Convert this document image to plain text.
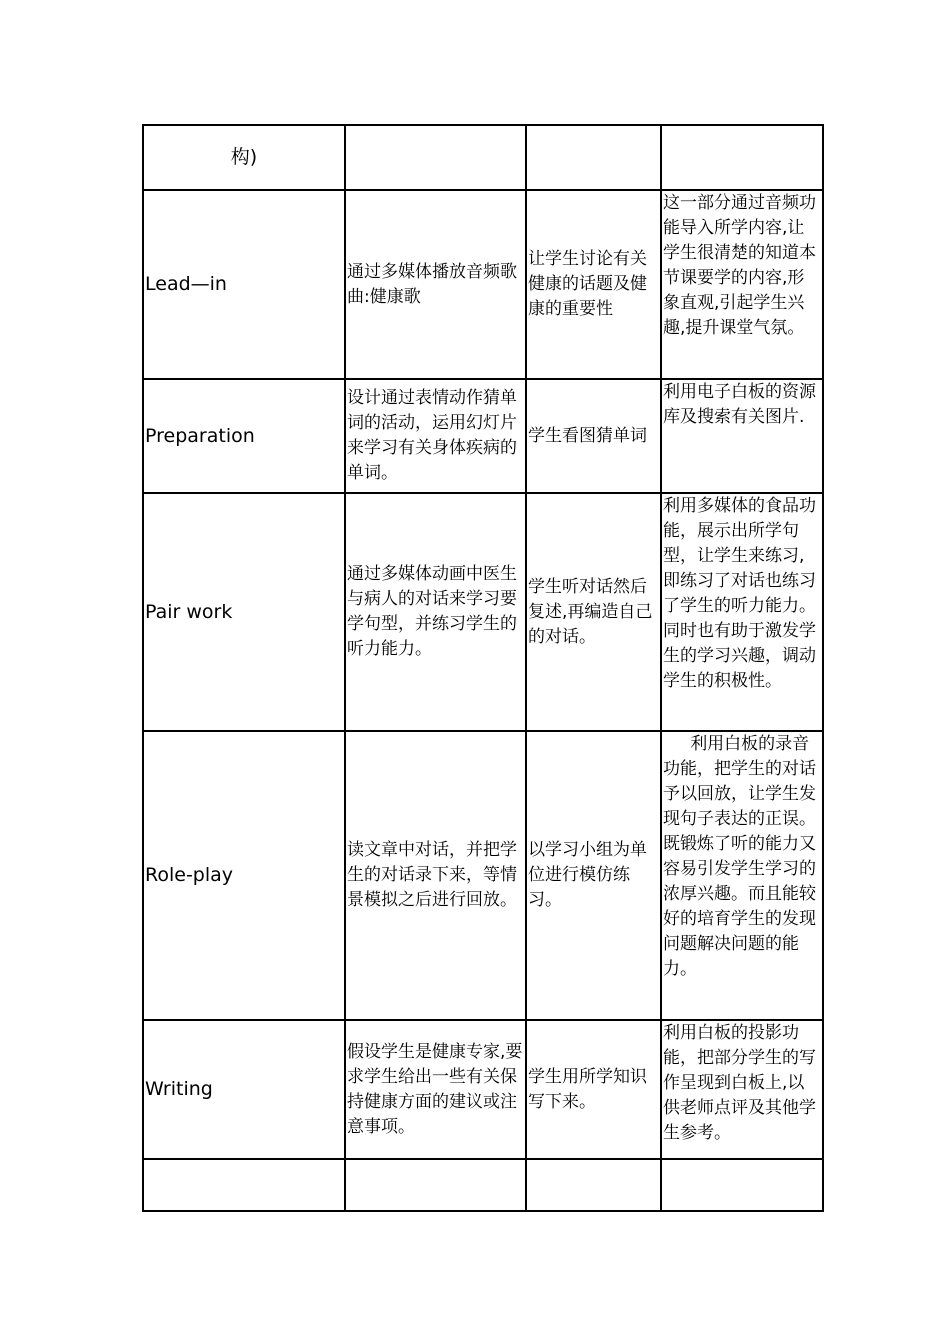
构)			
Lead—in	通过多媒体播放音频歌曲:健康歌	让学生讨论有关健康的话题及健康的重要性	这一部分通过音频功能导入所学内容,让学生很清楚的知道本节课要学的内容,形象直观,引起学生兴趣,提升课堂气氛。
Preparation	设计通过表情动作猜单词的活动，运用幻灯片来学习有关身体疾病的单词。	学生看图猜单词	利用电子白板的资源库及搜索有关图片.
Pair work	通过多媒体动画中医生与病人的对话来学习要学句型，并练习学生的听力能力。	学生听对话然后复述,再编造自己的对话。	利用多媒体的食品功能，展示出所学句型，让学生来练习,即练习了对话也练习了学生的听力能力。同时也有助于激发学生的学习兴趣，调动学生的积极性。
Role-play	读文章中对话，并把学生的对话录下来，等情景模拟之后进行回放。	以学习小组为单位进行模仿练习。	利用白板的录音功能，把学生的对话予以回放，让学生发现句子表达的正误。既锻炼了听的能力又容易引发学生学习的浓厚兴趣。而且能较好的培育学生的发现问题解决问题的能力。
Writing	假设学生是健康专家,要求学生给出一些有关保持健康方面的建议或注意事项。	学生用所学知识写下来。	利用白板的投影功能，把部分学生的写作呈现到白板上,以供老师点评及其他学生参考。
